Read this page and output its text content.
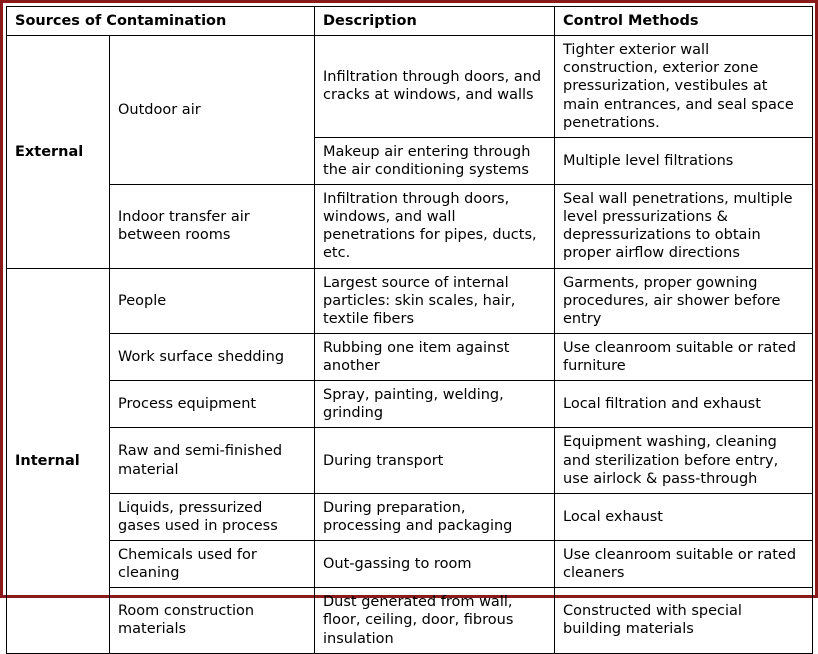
Sources of Contamination		Description	Control Methods
External	Outdoor air	Infiltration through doors, and cracks at windows, and walls	Tighter exterior wall construction, exterior zone pressurization, vestibules at main entrances, and seal space penetrations.
		Makeup air entering through the air conditioning systems	Multiple level filtrations
	Indoor transfer air between rooms	Infiltration through doors, windows, and wall penetrations for pipes, ducts, etc.	Seal wall penetrations, multiple level pressurizations & depressurizations to obtain proper airflow directions
Internal	People	Largest source of internal particles: skin scales, hair, textile fibers	Garments, proper gowning procedures, air shower before entry
	Work surface shedding	Rubbing one item against another	Use cleanroom suitable or rated furniture
	Process equipment	Spray, painting, welding, grinding	Local filtration and exhaust
	Raw and semi-finished material	During transport	Equipment washing, cleaning and sterilization before entry, use airlock & pass-through
	Liquids, pressurized gases used in process	During preparation, processing and packaging	Local exhaust
	Chemicals used for cleaning	Out-gassing to room	Use cleanroom suitable or rated cleaners
	Room construction materials	Dust generated from wall, floor, ceiling, door, fibrous insulation	Constructed with special building materials
